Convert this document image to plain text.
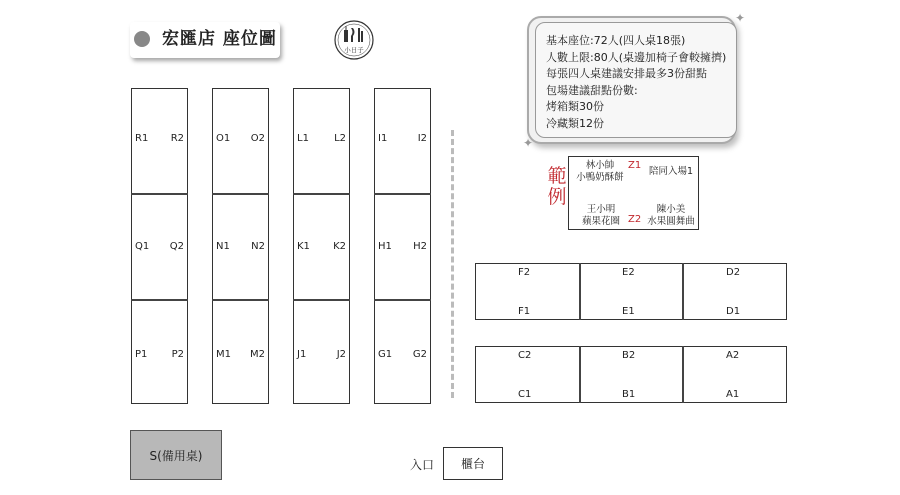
宏匯店 座位圖
小日子
基本座位:72人(四人桌18張)
人數上限:80人(桌邊加椅子會較擁擠)
每張四人桌建議安排最多3份甜點
包場建議甜點份數:
烤箱類30份
冷藏類12份
✦
✦
範
例
林小帥
小鴨奶酥餅
Z1
陪同入場1
王小明
蘋果花圈 Z2
陳小美
水果圓舞曲
R1 R2
Q1 Q2
P1 P2
O1 O2
N1 N2
M1 M2
L1	L2
K1 K2
J1	J2
I1	I2
H1 H2
G1 G2
F2	E2	D2
F1	E1	D1
C2	B2	A2
C1	B1	A1
S(備用桌)
入口	櫃台
